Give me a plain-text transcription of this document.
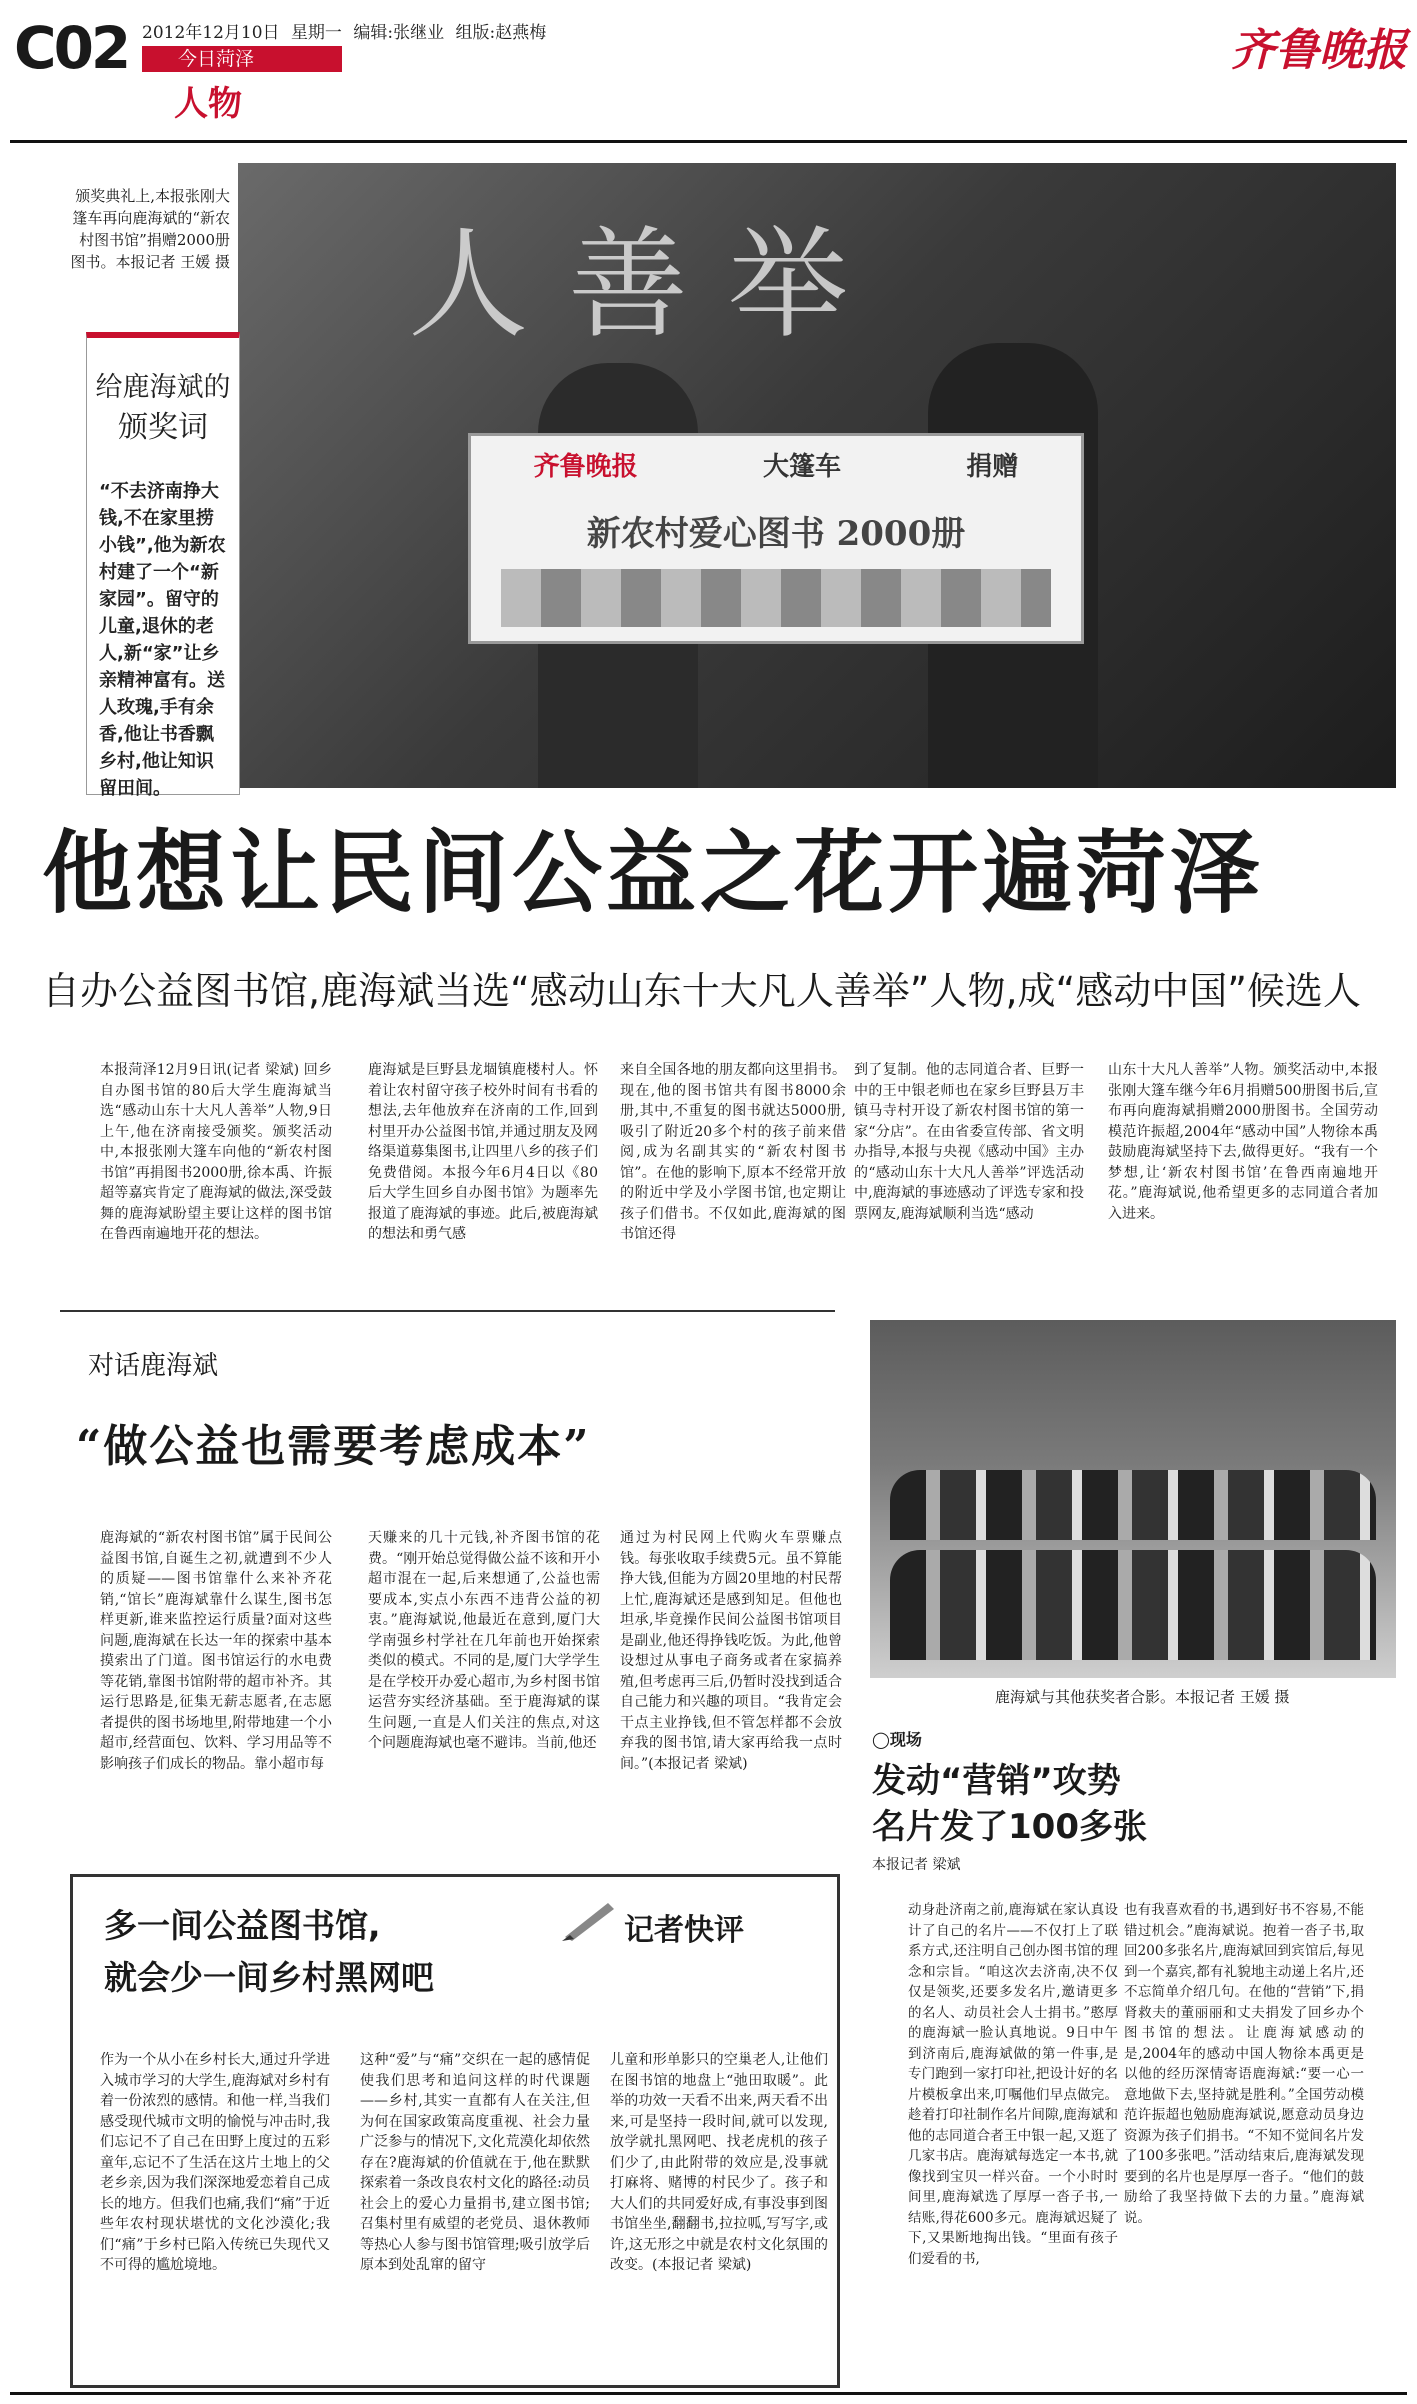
C02 2012年12月10日 星期一 编辑:张继业 组版:赵燕梅
今日菏泽
人物
齐鲁晚报
颁奖典礼上,本报张刚大篷车再向鹿海斌的“新农村图书馆”捐赠2000册图书。本报记者 王媛 摄 人善举
齐鲁晚报	大篷车	捐赠
新农村爱心图书 2000册
给鹿海斌的
颁奖词
“不去济南挣大钱,不在家里捞小钱”,他为新农村建了一个“新家园”。留守的儿童,退休的老人,新“家”让乡亲精神富有。送人玫瑰,手有余香,他让书香飘乡村,他让知识留田间。
他想让民间公益之花开遍菏泽
自办公益图书馆,鹿海斌当选“感动山东十大凡人善举”人物,成“感动中国”候选人
本报菏泽12月9日讯(记者 梁斌) 回乡自办图书馆的80后大学生鹿海斌当选“感动山东十大凡人善举”人物,9日上午,他在济南接受颁奖。颁奖活动中,本报张刚大篷车向他的“新农村图书馆”再捐图书2000册,徐本禹、许振超等嘉宾肯定了鹿海斌的做法,深受鼓舞的鹿海斌盼望主要让这样的图书馆在鲁西南遍地开花的想法。
鹿海斌是巨野县龙堌镇鹿楼村人。怀着让农村留守孩子校外时间有书看的想法,去年他放弃在济南的工作,回到村里开办公益图书馆,并通过朋友及网络渠道募集图书,让四里八乡的孩子们免费借阅。本报今年6月4日以《80后大学生回乡自办图书馆》为题率先报道了鹿海斌的事迹。此后,被鹿海斌的想法和勇气感
来自全国各地的朋友都向这里捐书。现在,他的图书馆共有图书8000余册,其中,不重复的图书就达5000册,吸引了附近20多个村的孩子前来借阅,成为名副其实的“新农村图书馆”。在他的影响下,原本不经常开放的附近中学及小学图书馆,也定期让孩子们借书。不仅如此,鹿海斌的图书馆还得
到了复制。他的志同道合者、巨野一中的王中银老师也在家乡巨野县万丰镇马寺村开设了新农村图书馆的第一家“分店”。在由省委宣传部、省文明办指导,本报与央视《感动中国》主办的“感动山东十大凡人善举”评选活动中,鹿海斌的事迹感动了评选专家和投票网友,鹿海斌顺利当选“感动
山东十大凡人善举”人物。颁奖活动中,本报张刚大篷车继今年6月捐赠500册图书后,宣布再向鹿海斌捐赠2000册图书。全国劳动模范许振超,2004年“感动中国”人物徐本禹鼓励鹿海斌坚持下去,做得更好。“我有一个梦想,让‘新农村图书馆’在鲁西南遍地开花。”鹿海斌说,他希望更多的志同道合者加入进来。
对话鹿海斌
“做公益也需要考虑成本”
鹿海斌的“新农村图书馆”属于民间公益图书馆,自诞生之初,就遭到不少人的质疑——图书馆靠什么来补齐花销,“馆长”鹿海斌靠什么谋生,图书怎样更新,谁来监控运行质量?面对这些问题,鹿海斌在长达一年的探索中基本摸索出了门道。图书馆运行的水电费等花销,靠图书馆附带的超市补齐。其运行思路是,征集无薪志愿者,在志愿者提供的图书场地里,附带地建一个小超市,经营面包、饮料、学习用品等不影响孩子们成长的物品。靠小超市每
天赚来的几十元钱,补齐图书馆的花费。“刚开始总觉得做公益不该和开小超市混在一起,后来想通了,公益也需要成本,实点小东西不违背公益的初衷。”鹿海斌说,他最近在意到,厦门大学南强乡村学社在几年前也开始探索类似的模式。不同的是,厦门大学学生是在学校开办爱心超市,为乡村图书馆运营夯实经济基础。至于鹿海斌的谋生问题,一直是人们关注的焦点,对这个问题鹿海斌也毫不避讳。当前,他还
通过为村民网上代购火车票赚点钱。每张收取手续费5元。虽不算能挣大钱,但能为方圆20里地的村民帮上忙,鹿海斌还是感到知足。但他也坦承,毕竟操作民间公益图书馆项目是副业,他还得挣钱吃饭。为此,他曾设想过从事电子商务或者在家搞养殖,但考虑再三后,仍暂时没找到适合自己能力和兴趣的项目。“我肯定会干点主业挣钱,但不管怎样都不会放弃我的图书馆,请大家再给我一点时间。”(本报记者 梁斌)
鹿海斌与其他获奖者合影。本报记者 王媛 摄
◯现场
发动“营销”攻势
名片发了100多张
本报记者 梁斌
动身赴济南之前,鹿海斌在家认真设计了自己的名片——不仅打上了联系方式,还注明自己创办图书馆的理念和宗旨。“咱这次去济南,决不仅仅是领奖,还要多发名片,邀请更多的名人、动员社会人士捐书。”憨厚的鹿海斌一脸认真地说。9日中午到济南后,鹿海斌做的第一件事,是专门跑到一家打印社,把设计好的名片模板拿出来,叮嘱他们早点做完。趁着打印社制作名片间隙,鹿海斌和他的志同道合者王中银一起,又逛了几家书店。鹿海斌每选定一本书,就像找到宝贝一样兴奋。一个小时时间里,鹿海斌选了厚厚一沓子书,一结账,得花600多元。鹿海斌迟疑了下,又果断地掏出钱。“里面有孩子们爱看的书,
也有我喜欢看的书,遇到好书不容易,不能错过机会。”鹿海斌说。抱着一沓子书,取回200多张名片,鹿海斌回到宾馆后,每见到一个嘉宾,都有礼貌地主动递上名片,还不忘简单介绍几句。在他的“营销”下,捐肾救夫的董丽丽和丈夫捐发了回乡办个图书馆的想法。让鹿海斌感动的是,2004年的感动中国人物徐本禹更是以他的经历深情寄语鹿海斌:“要一心一意地做下去,坚持就是胜利。”全国劳动模范许振超也勉励鹿海斌说,愿意动员身边资源为孩子们捐书。“不知不觉间名片发了100多张吧。”活动结束后,鹿海斌发现要到的名片也是厚厚一沓子。“他们的鼓励给了我坚持做下去的力量。”鹿海斌说。
多一间公益图书馆,
就会少一间乡村黑网吧
记者快评
作为一个从小在乡村长大,通过升学进入城市学习的大学生,鹿海斌对乡村有着一份浓烈的感情。和他一样,当我们感受现代城市文明的愉悦与冲击时,我们忘记不了自己在田野上度过的五彩童年,忘记不了生活在这片土地上的父老乡亲,因为我们深深地爱恋着自己成长的地方。但我们也痛,我们“痛”于近些年农村现状堪忧的文化沙漠化;我们“痛”于乡村已陷入传统已失现代又不可得的尴尬境地。
这种“爱”与“痛”交织在一起的感情促使我们思考和追问这样的时代课题——乡村,其实一直都有人在关注,但为何在国家政策高度重视、社会力量广泛参与的情况下,文化荒漠化却依然存在?鹿海斌的价值就在于,他在默默探索着一条改良农村文化的路径:动员社会上的爱心力量捐书,建立图书馆;召集村里有威望的老党员、退休教师等热心人参与图书馆管理;吸引放学后原本到处乱窜的留守
儿童和形单影只的空巢老人,让他们在图书馆的地盘上“弛田取暖”。此举的功效一天看不出来,两天看不出来,可是坚持一段时间,就可以发现,放学就扎黑网吧、找老虎机的孩子们少了,由此附带的效应是,没事就打麻将、赌博的村民少了。孩子和大人们的共同爱好成,有事没事到图书馆坐坐,翻翻书,拉拉呱,写写字,或许,这无形之中就是农村文化氛围的改变。(本报记者 梁斌)
